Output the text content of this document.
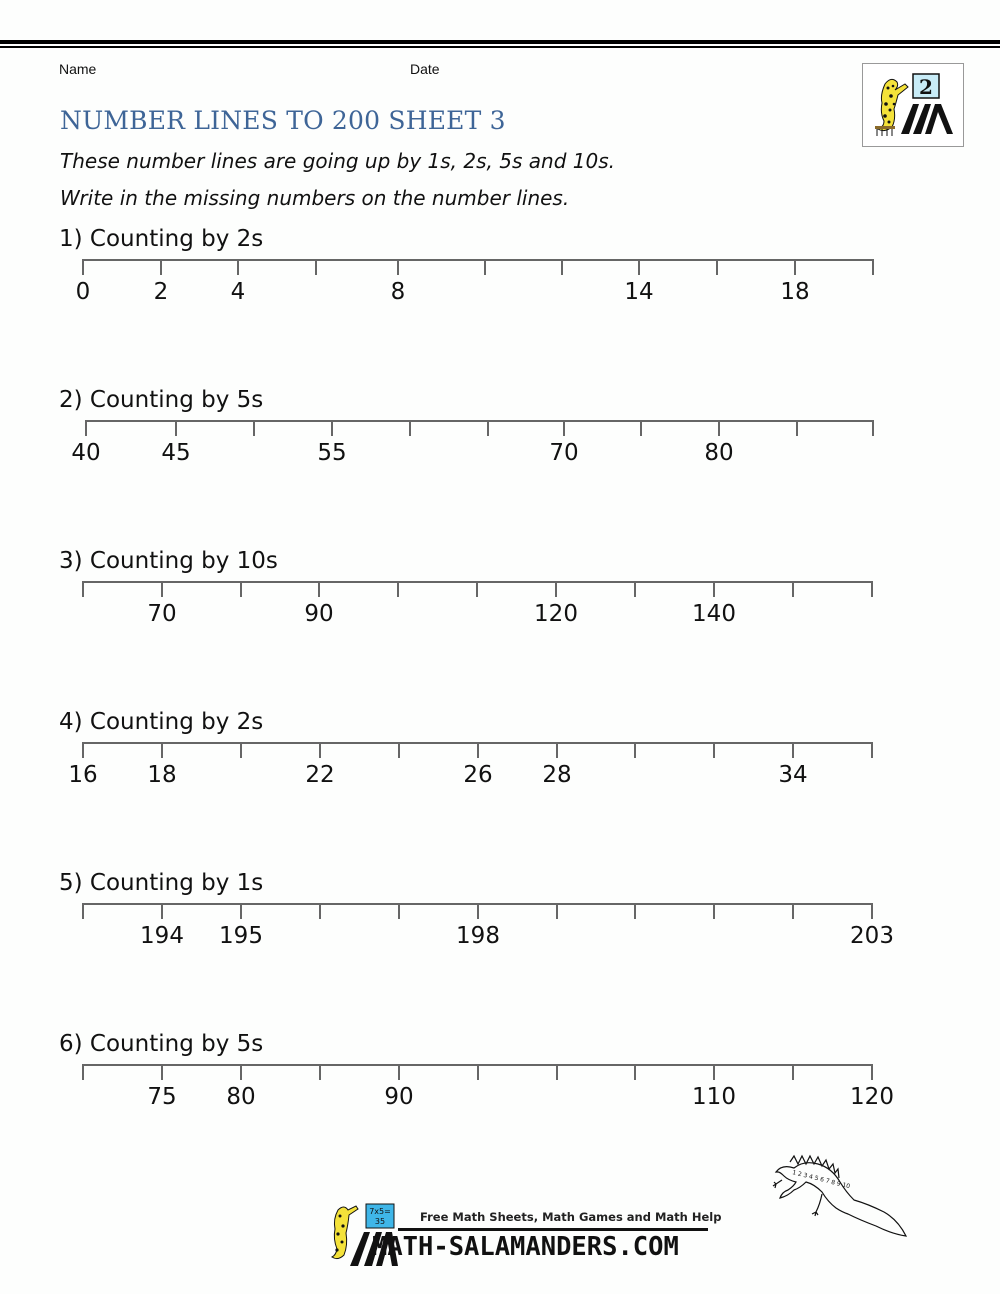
Name	Date
2
NUMBER LINES TO 200 SHEET 3
These number lines are going up by 1s, 2s, 5s and 10s.
Write in the missing numbers on the number lines.
1) Counting by 2s
0	2	4	8	14	18
2) Counting by 5s
40	45	55	70	80
3) Counting by 10s
70	90	120	140
4) Counting by 2s
16 18	22	26 28	34
5) Counting by 1s
194 195	198	203
6) Counting by 5s
75 80	90	110	120
7x5=
35	Free Math Sheets, Math Games and Math Help
MATH-SALAMANDERS.COM
1 2 3 4 5 6 7 8 9 10
